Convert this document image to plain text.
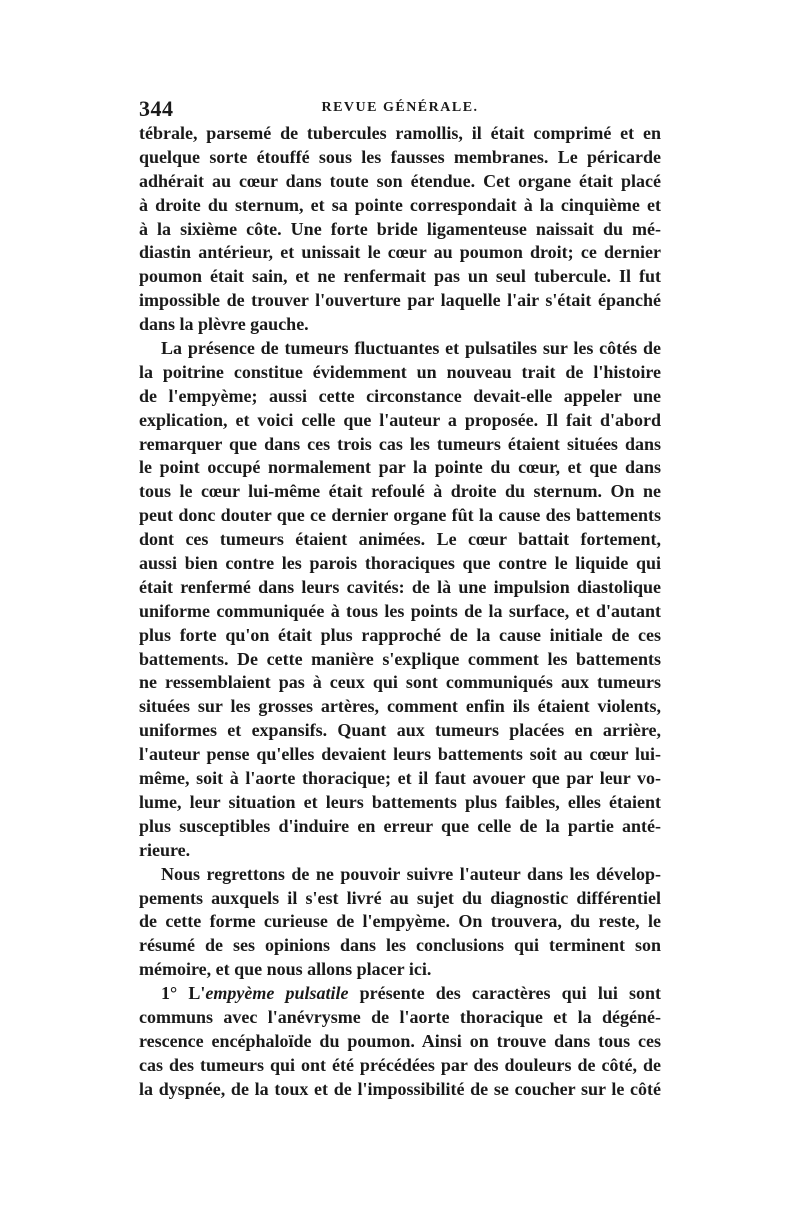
344	REVUE GÉNÉRALE.
tébrale, parsemé de tubercules ramollis, il était comprimé et en
quelque sorte étouffé sous les fausses membranes. Le péricarde
adhérait au cœur dans toute son étendue. Cet organe était placé
à droite du sternum, et sa pointe correspondait à la cinquième et
à la sixième côte. Une forte bride ligamenteuse naissait du mé-
diastin antérieur, et unissait le cœur au poumon droit; ce dernier
poumon était sain, et ne renfermait pas un seul tubercule. Il fut
impossible de trouver l'ouverture par laquelle l'air s'était épanché
dans la plèvre gauche.
La présence de tumeurs fluctuantes et pulsatiles sur les côtés de
la poitrine constitue évidemment un nouveau trait de l'histoire
de l'empyème; aussi cette circonstance devait-elle appeler une
explication, et voici celle que l'auteur a proposée. Il fait d'abord
remarquer que dans ces trois cas les tumeurs étaient situées dans
le point occupé normalement par la pointe du cœur, et que dans
tous le cœur lui-même était refoulé à droite du sternum. On ne
peut donc douter que ce dernier organe fût la cause des battements
dont ces tumeurs étaient animées. Le cœur battait fortement,
aussi bien contre les parois thoraciques que contre le liquide qui
était renfermé dans leurs cavités: de là une impulsion diastolique
uniforme communiquée à tous les points de la surface, et d'autant
plus forte qu'on était plus rapproché de la cause initiale de ces
battements. De cette manière s'explique comment les battements
ne ressemblaient pas à ceux qui sont communiqués aux tumeurs
situées sur les grosses artères, comment enfin ils étaient violents,
uniformes et expansifs. Quant aux tumeurs placées en arrière,
l'auteur pense qu'elles devaient leurs battements soit au cœur lui-
même, soit à l'aorte thoracique; et il faut avouer que par leur vo-
lume, leur situation et leurs battements plus faibles, elles étaient
plus susceptibles d'induire en erreur que celle de la partie anté-
rieure.
Nous regrettons de ne pouvoir suivre l'auteur dans les dévelop-
pements auxquels il s'est livré au sujet du diagnostic différentiel
de cette forme curieuse de l'empyème. On trouvera, du reste, le
résumé de ses opinions dans les conclusions qui terminent son
mémoire, et que nous allons placer ici.
1° L'empyème pulsatile présente des caractères qui lui sont
communs avec l'anévrysme de l'aorte thoracique et la dégéné-
rescence encéphaloïde du poumon. Ainsi on trouve dans tous ces
cas des tumeurs qui ont été précédées par des douleurs de côté, de
la dyspnée, de la toux et de l'impossibilité de se coucher sur le côté
